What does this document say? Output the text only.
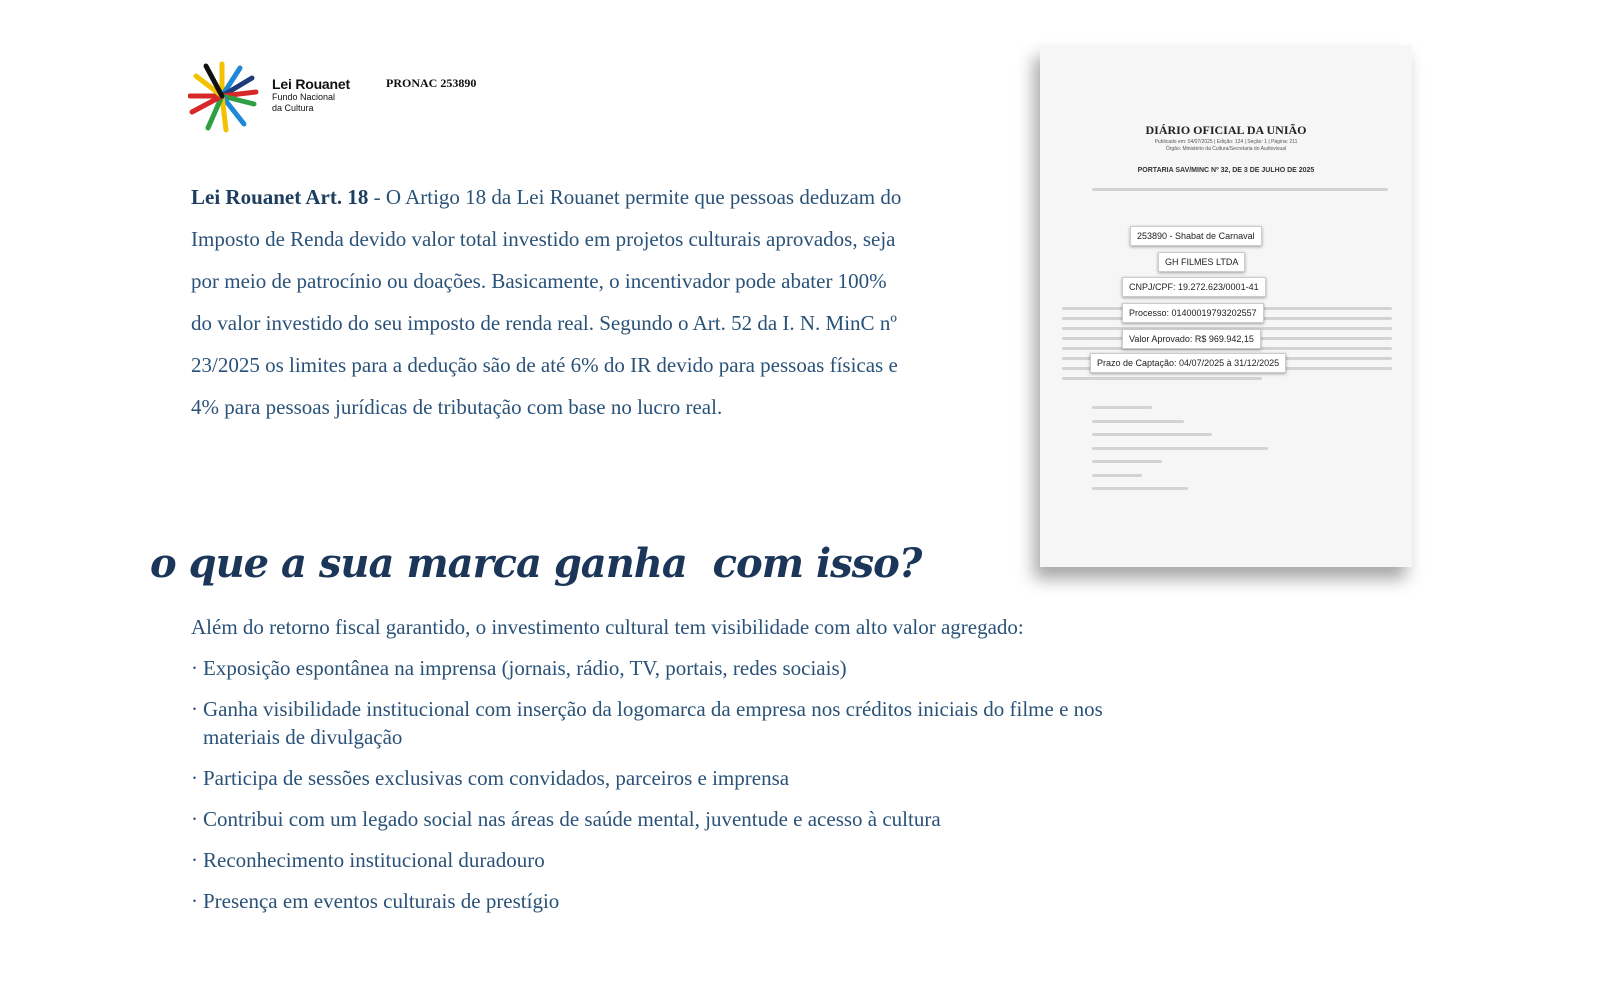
Lei Rouanet
Fundo Nacional
da Cultura
PRONAC 253890
Lei Rouanet Art. 18 - O Artigo 18 da Lei Rouanet permite que pessoas deduzam do Imposto de Renda devido valor total investido em projetos culturais aprovados, seja por meio de patrocínio ou doações. Basicamente, o incentivador pode abater 100% do valor investido do seu imposto de renda real. Segundo o Art. 52 da I. N. MinC nº 23/2025 os limites para a dedução são de até 6% do IR devido para pessoas físicas e 4% para pessoas jurídicas de tributação com base no lucro real.
o que a sua marca ganha  com isso?
Além do retorno fiscal garantido, o investimento cultural tem visibilidade com alto valor agregado:
· Exposição espontânea na imprensa (jornais, rádio, TV, portais, redes sociais)
· Ganha visibilidade institucional com inserção da logomarca da empresa nos créditos iniciais do filme e nos materiais de divulgação
· Participa de sessões exclusivas com convidados, parceiros e imprensa
· Contribui com um legado social nas áreas de saúde mental, juventude e acesso à cultura
· Reconhecimento institucional duradouro
· Presença em eventos culturais de prestígio
DIÁRIO OFICIAL DA UNIÃO
Publicado em: 04/07/2025 | Edição: 124 | Seção: 1 | Página: 211
Órgão: Ministério da Cultura/Secretaria do Audiovisual
PORTARIA SAV/MINC Nº 32, DE 3 DE JULHO DE 2025
253890 - Shabat de Carnaval
GH FILMES LTDA
CNPJ/CPF: 19.272.623/0001-41
Processo: 01400019793202557
Valor Aprovado: R$ 969.942,15
Prazo de Captação: 04/07/2025 à 31/12/2025
